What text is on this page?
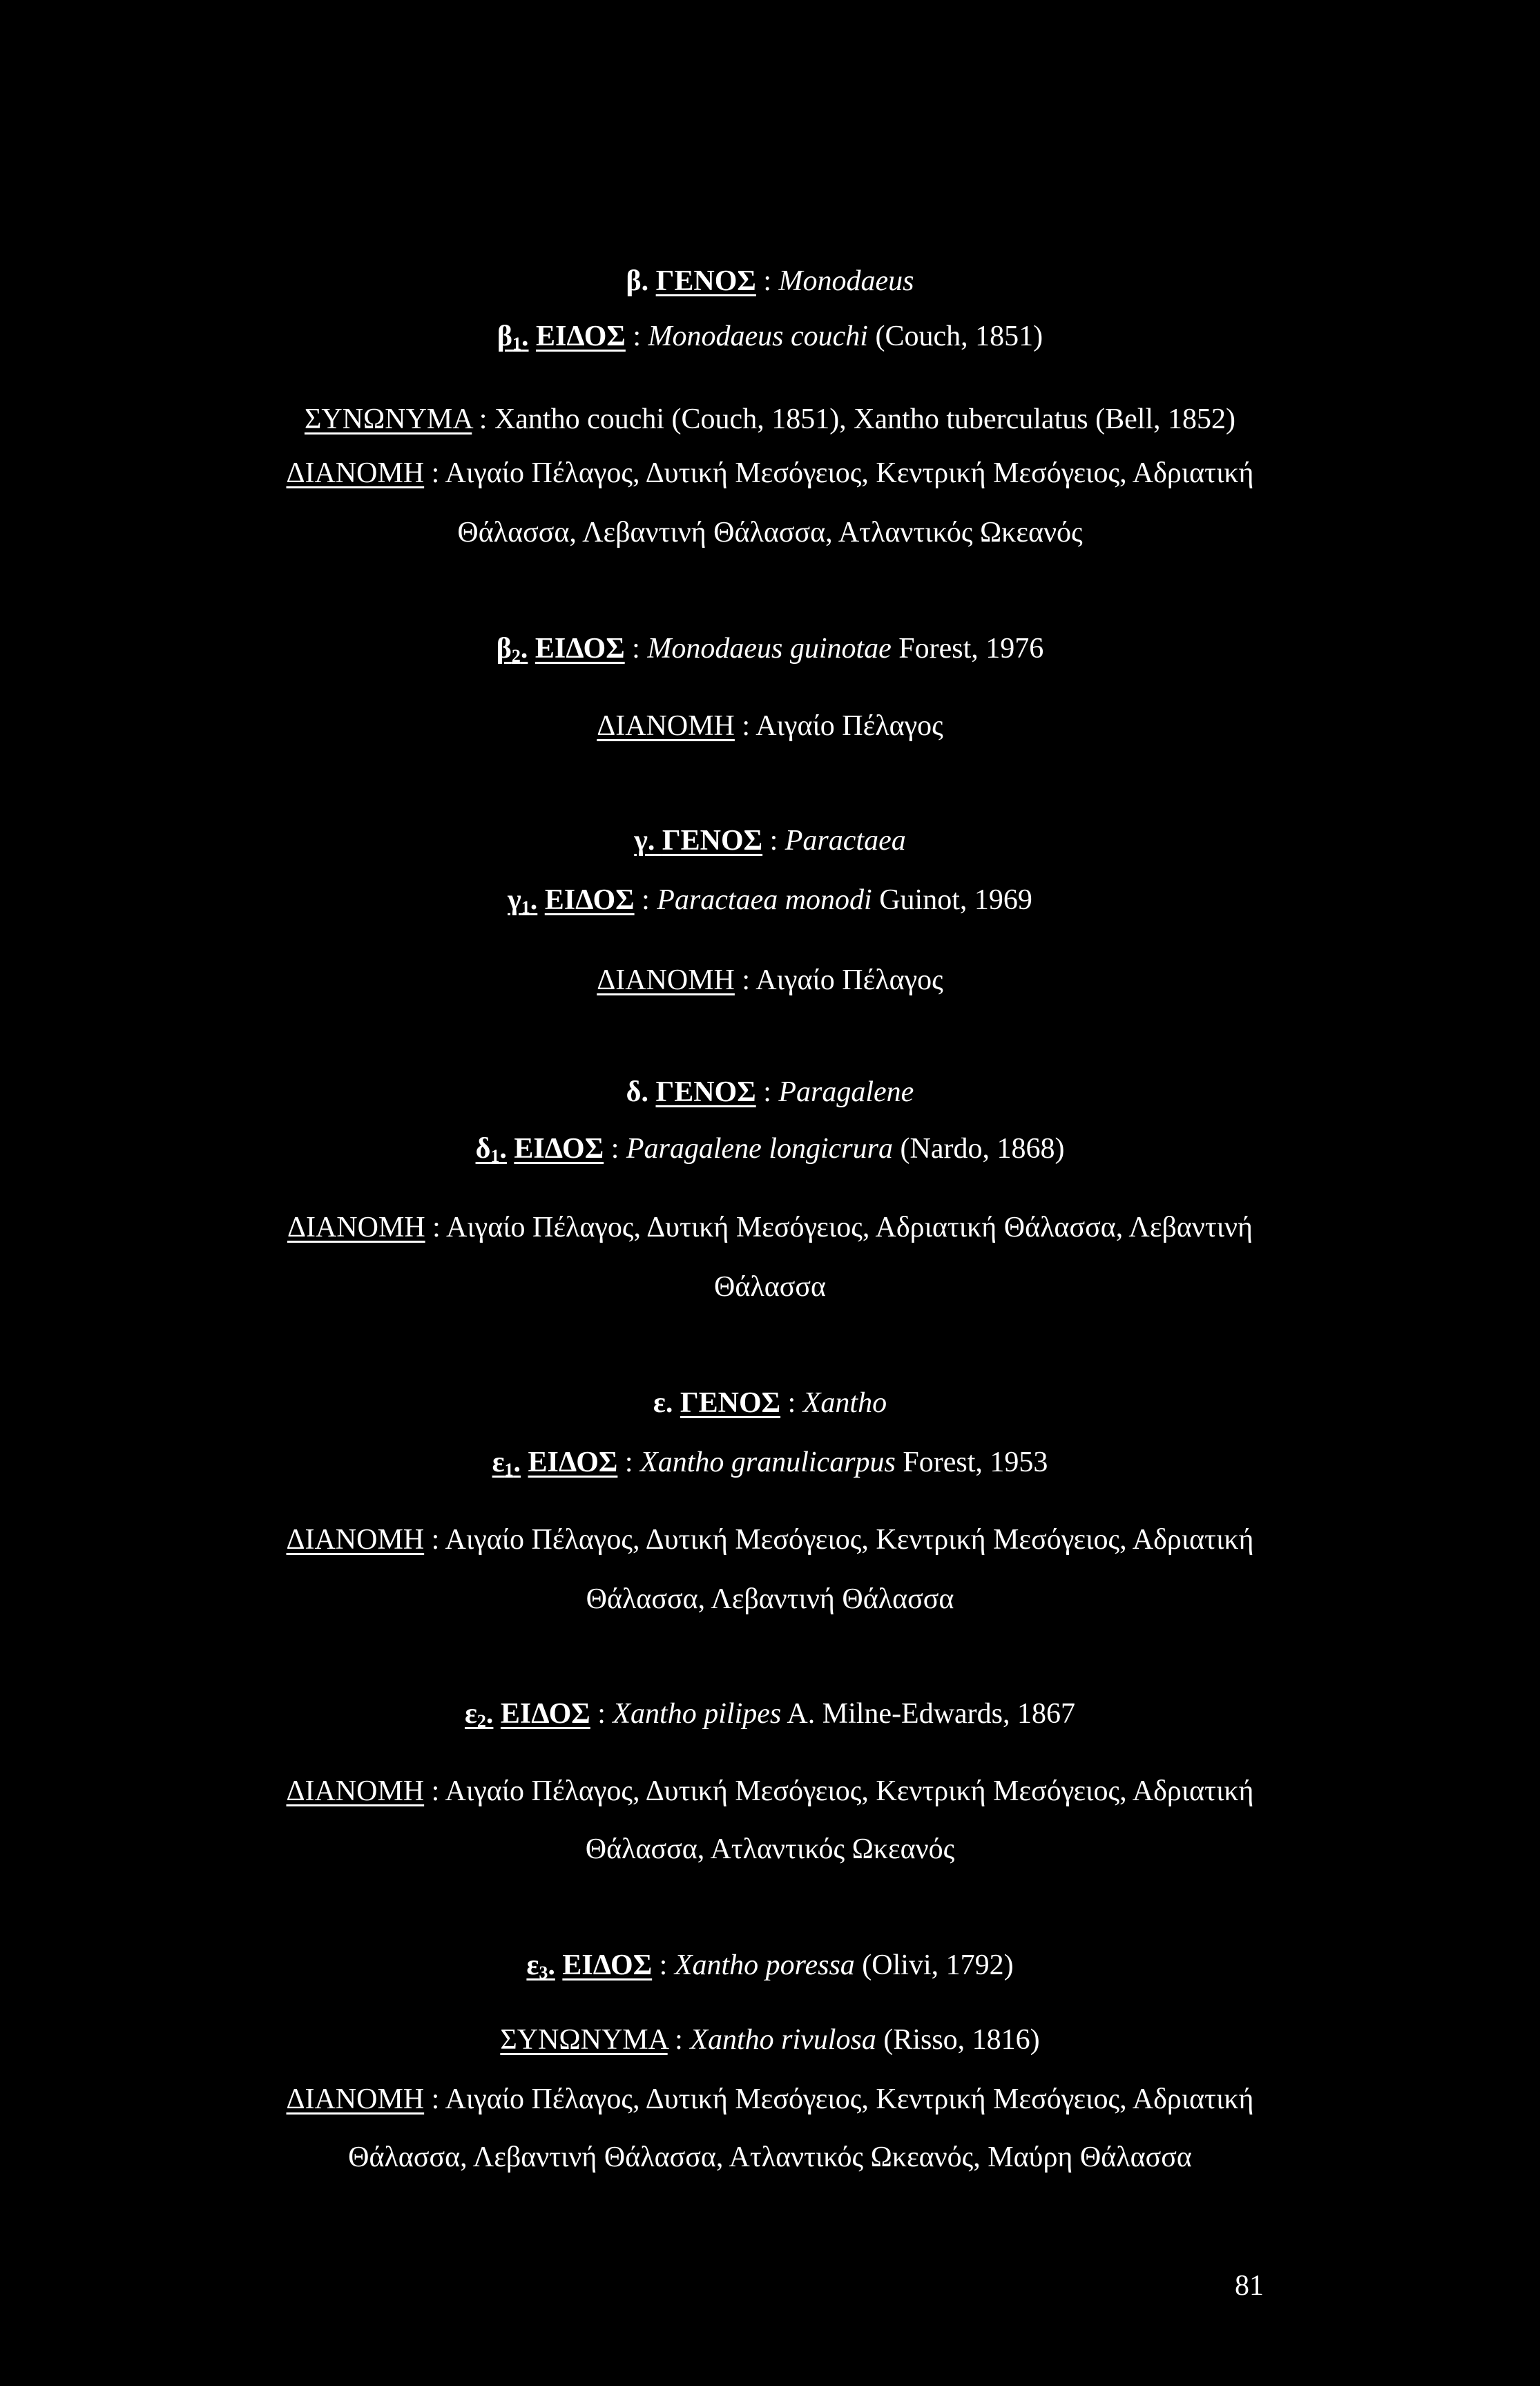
β. ΓΕΝΟΣ : Monodaeus
$\beta_1$. ΕΙΔΟΣ : Monodaeus couchi (Couch, 1851)
ΣΥΝΩΝΥΜΑ : Xantho couchi (Couch, 1851), Xantho tuberculatus (Bell, 1852)
ΔΙΑΝΟΜΗ : Αιγαίο Πέλαγος, Δυτική Μεσόγειος, Κεντρική Μεσόγειος, Αδριατική
Θάλασσα, Λεβαντινή Θάλασσα, Ατλαντικός Ωκεανός
$\beta_2$. ΕΙΔΟΣ : Monodaeus guinotae Forest, 1976
ΔΙΑΝΟΜΗ : Αιγαίο Πέλαγος
γ. ΓΕΝΟΣ : Paractaea
$\gamma_1$. ΕΙΔΟΣ : Paractaea monodi Guinot, 1969
ΔΙΑΝΟΜΗ : Αιγαίο Πέλαγος
δ. ΓΕΝΟΣ : Paragalene
$\delta_1$. ΕΙΔΟΣ : Paragalene longicrura (Nardo, 1868)
ΔΙΑΝΟΜΗ : Αιγαίο Πέλαγος, Δυτική Μεσόγειος, Αδριατική Θάλασσα, Λεβαντινή
Θάλασσα
ε. ΓΕΝΟΣ : Xantho
$\varepsilon_1$. ΕΙΔΟΣ : Xantho granulicarpus Forest, 1953
ΔΙΑΝΟΜΗ : Αιγαίο Πέλαγος, Δυτική Μεσόγειος, Κεντρική Μεσόγειος, Αδριατική
Θάλασσα, Λεβαντινή Θάλασσα
$\varepsilon_2$. ΕΙΔΟΣ : Xantho pilipes A. Milne-Edwards, 1867
ΔΙΑΝΟΜΗ : Αιγαίο Πέλαγος, Δυτική Μεσόγειος, Κεντρική Μεσόγειος, Αδριατική
Θάλασσα, Ατλαντικός Ωκεανός
$\varepsilon_3$. ΕΙΔΟΣ : Xantho poressa (Olivi, 1792)
ΣΥΝΩΝΥΜΑ : Xantho rivulosa (Risso, 1816)
ΔΙΑΝΟΜΗ : Αιγαίο Πέλαγος, Δυτική Μεσόγειος, Κεντρική Μεσόγειος, Αδριατική
Θάλασσα, Λεβαντινή Θάλασσα, Ατλαντικός Ωκεανός, Μαύρη Θάλασσα
81
